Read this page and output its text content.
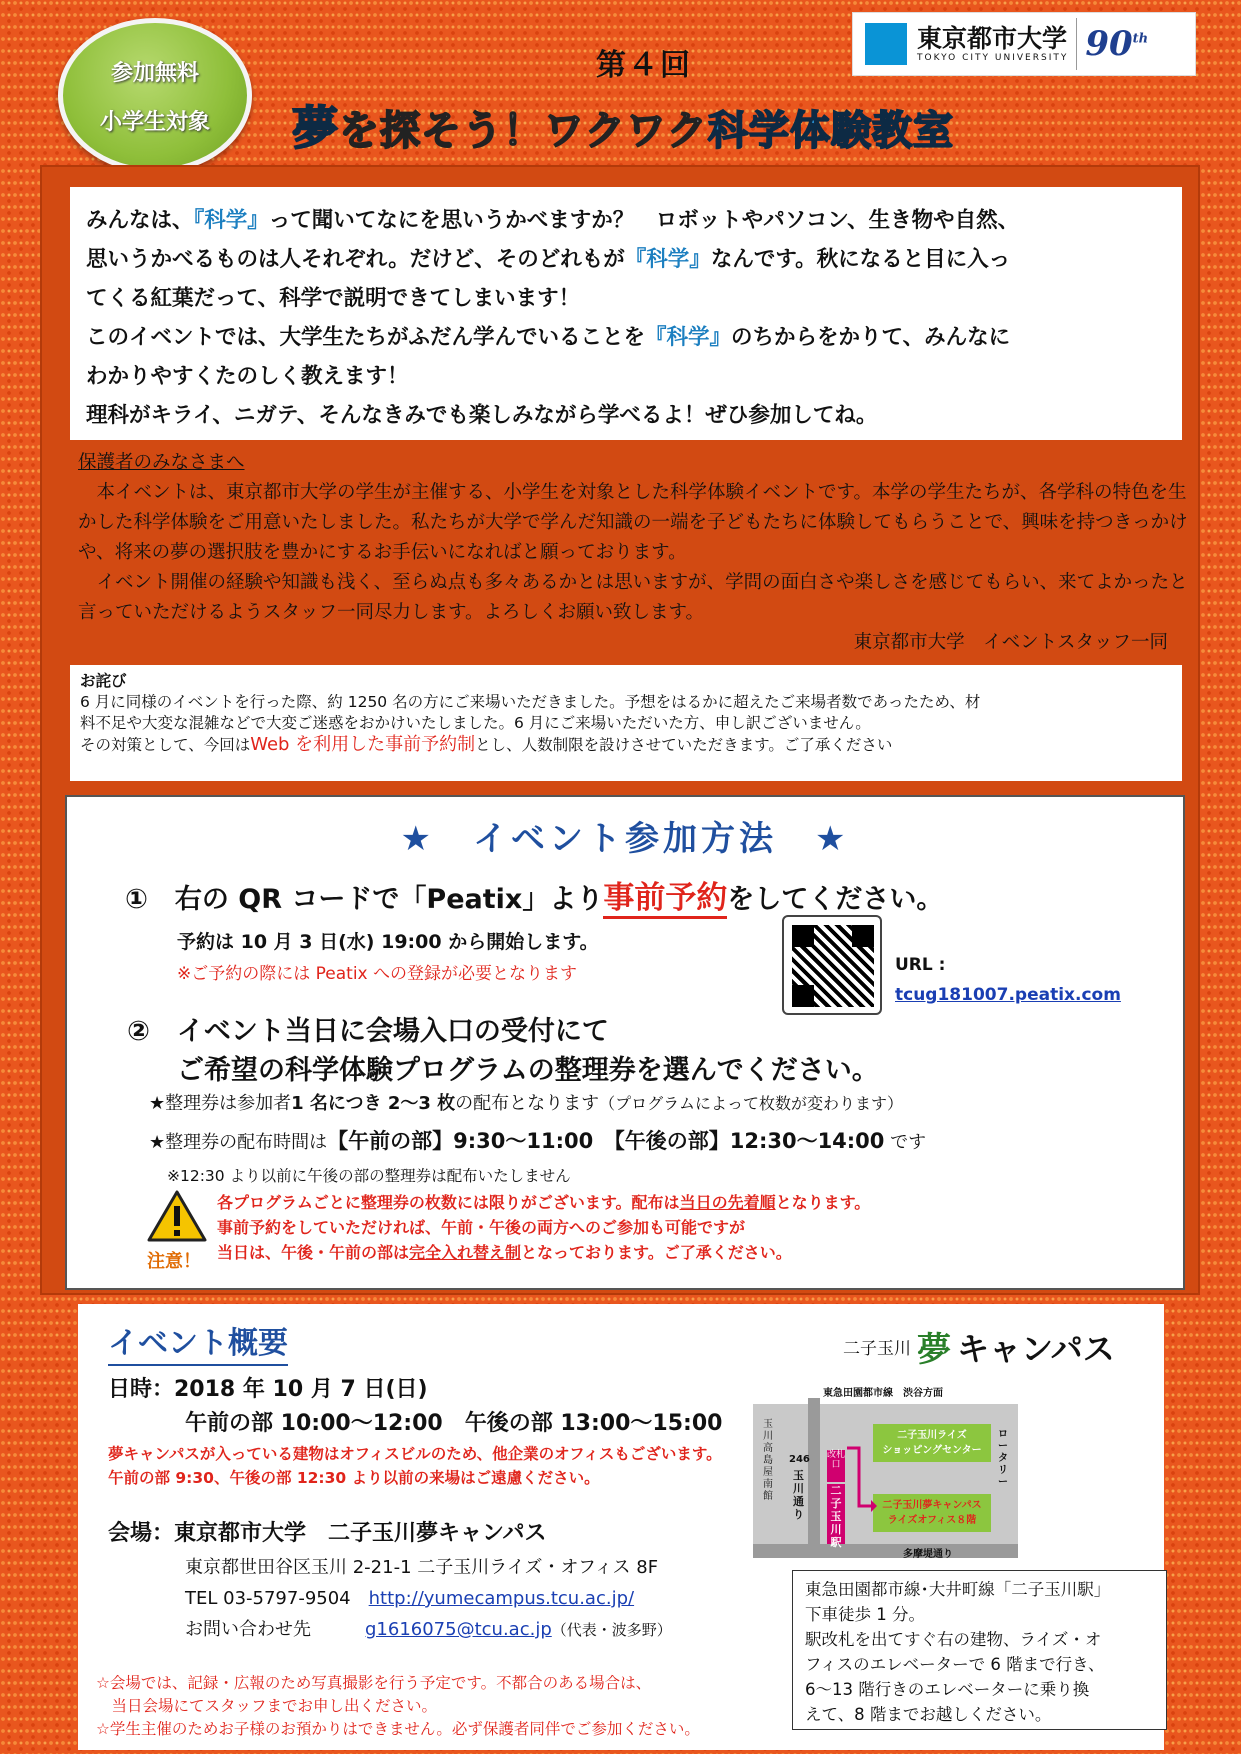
参加無料
小学生対象
第４回
夢を探そう！ワクワク科学体験教室
東京都市大学
TOKYO CITY UNIVERSITY 90th
みんなは、『科学』って聞いてなにを思いうかべますか？　ロボットやパソコン、生き物や自然、
思いうかべるものは人それぞれ。だけど、そのどれもが『科学』なんです。秋になると目に入っ
てくる紅葉だって、科学で説明できてしまいます！
このイベントでは、大学生たちがふだん学んでいることを『科学』のちからをかりて、みんなに
わかりやすくたのしく教えます！
理科がキライ、ニガテ、そんなきみでも楽しみながら学べるよ！ぜひ参加してね。
保護者のみなさまへ
　本イベントは、東京都市大学の学生が主催する、小学生を対象とした科学体験イベントです。本学の学生たちが、各学科の特色を生かした科学体験をご用意いたしました。私たちが大学で学んだ知識の一端を子どもたちに体験してもらうことで、興味を持つきっかけや、将来の夢の選択肢を豊かにするお手伝いになればと願っております。
　イベント開催の経験や知識も浅く、至らぬ点も多々あるかとは思いますが、学問の面白さや楽しさを感じてもらい、来てよかったと言っていただけるようスタッフ一同尽力します。よろしくお願い致します。
東京都市大学　イベントスタッフ一同
お詫び
6 月に同様のイベントを行った際、約 1250 名の方にご来場いただきました。予想をはるかに超えたご来場者数であったため、材
料不足や大変な混雑などで大変ご迷惑をおかけいたしました。6 月にご来場いただいた方、申し訳ございません。
その対策として、今回はWeb を利用した事前予約制とし、人数制限を設けさせていただきます。ご了承ください
★　 イベント参加方法　 ★
①　 右の QR コードで「Peatix」より事前予約をしてください。
予約は 10 月 3 日(水) 19:00 から開始します。
※ご予約の際には Peatix への登録が必要となります	URL :
tcug181007.peatix.com
②　 イベント当日に会場入口の受付にて
ご希望の科学体験プログラムの整理券を選んでください。
★整理券は参加者1 名につき 2～3 枚の配布となります（プログラムによって枚数が変わります）
★整理券の配布時間は【午前の部】9:30～11:00　【午後の部】12:30～14:00 です
※12:30 より以前に午後の部の整理券は配布いたしません
注意！
各プログラムごとに整理券の枚数には限りがございます。配布は当日の先着順となります。
事前予約をしていただければ、午前・午後の両方へのご参加も可能ですが
当日は、午後・午前の部は完全入れ替え制となっております。ご了承ください。
イベント概要
日時：2018 年 10 月 7 日(日)
午前の部 10:00～12:00　午後の部 13:00～15:00
夢キャンパスが入っている建物はオフィスビルのため、他企業のオフィスもございます。
午前の部 9:30、午後の部 12:30 より以前の来場はご遠慮ください。
会場：東京都市大学　二子玉川夢キャンパス
東京都世田谷区玉川 2-21-1 二子玉川ライズ・オフィス 8F
TEL 03-5797-9504　 http://yumecampus.tcu.ac.jp/
お問い合わせ先　　　	g1616075@tcu.ac.jp（代表・波多野）
☆会場では、記録・広報のため写真撮影を行う予定です。不都合のある場合は、
　当日会場にてスタッフまでお申し出ください。
☆学生主催のためお子様のお預かりはできません。必ず保護者同伴でご参加ください。
二子玉川 夢 キャンパス
東急田園都市線　渋谷方面
玉川高島屋 南館
246
玉川通り
改札口
二子玉川駅
二子玉川ライズ
ショッピングセンター
二子玉川夢キャンパス
ライズオフィス８階
ロータリー
多摩堤通り
東急田園都市線･大井町線「二子玉川駅」
下車徒歩 1 分。
駅改札を出てすぐ右の建物、ライズ・オ
フィスのエレベーターで 6 階まで行き、
6～13 階行きのエレベーターに乗り換
えて、8 階までお越しください。
